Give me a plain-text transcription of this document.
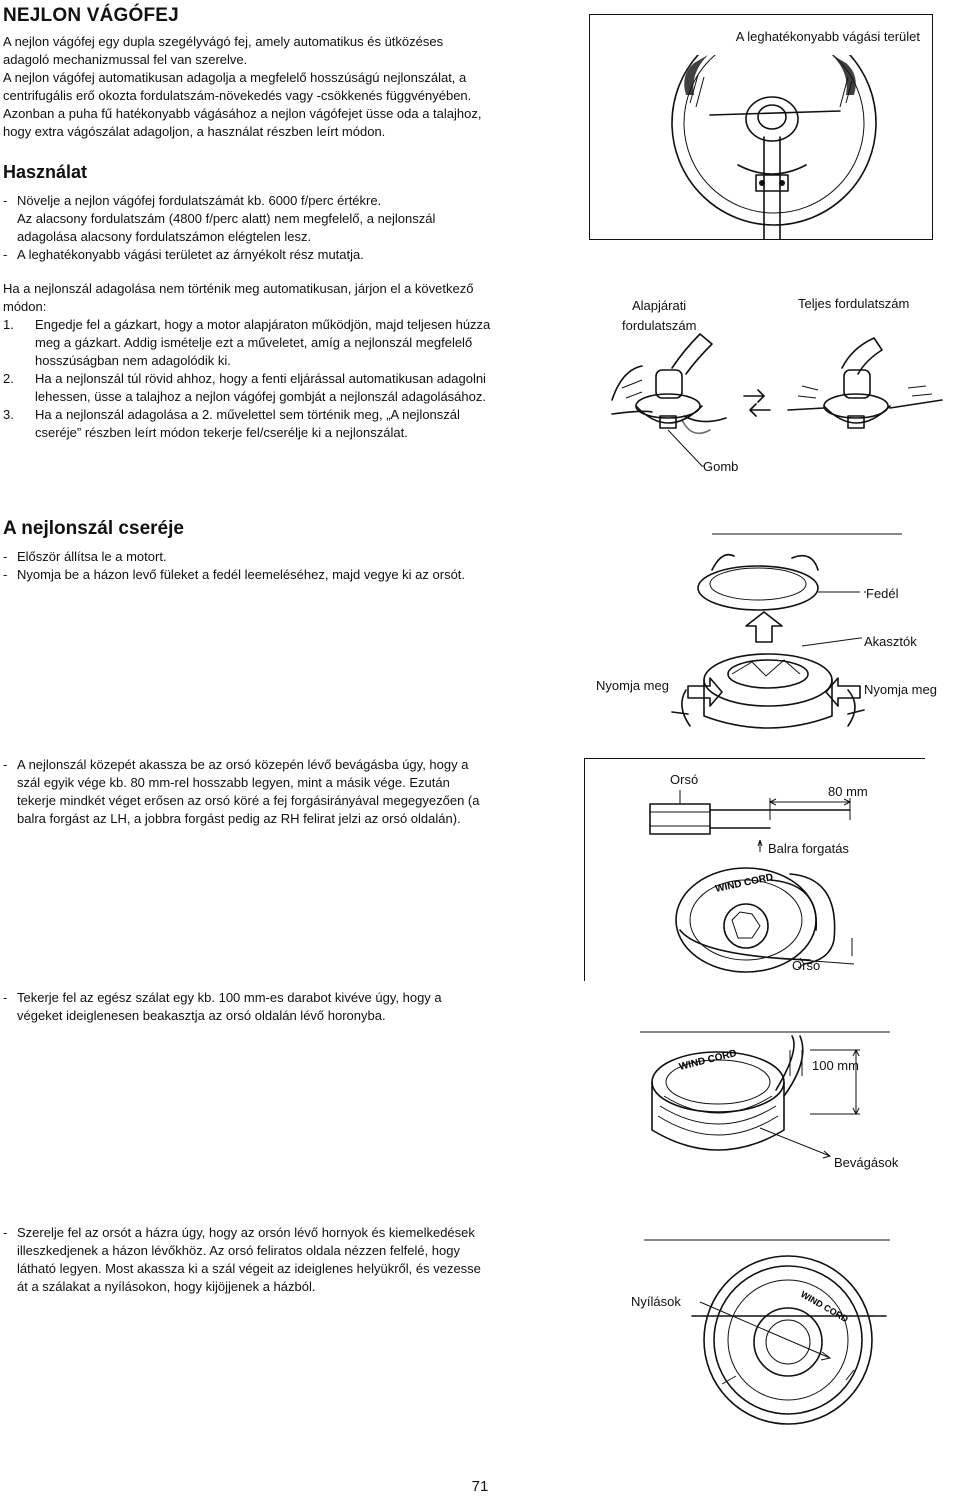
NEJLON VÁGÓFEJ

A nejlon vágófej egy dupla szegélyvágó fej, amely automatikus és ütközéses

adagoló mechanizmussal fel van szerelve.

A nejlon vágófej automatikusan adagolja a megfelelő hosszúságú nejlonszálat, a

centrifugális erő okozta fordulatszám-növekedés vagy -csökkenés függvényében.

Azonban a puha fű hatékonyabb vágásához a nejlon vágófejet üsse oda a talajhoz,

hogy extra vágószálat adagoljon, a használat részben leírt módon.

A leghatékonyabb vágási terület
Használat
- Növelje a nejlon vágófej fordulatszámát kb. 6000 f/perc értékre.
Az alacsony fordulatszám (4800 f/perc alatt) nem megfelelő, a nejlonszál
adagolása alacsony fordulatszámon elégtelen lesz.
- A leghatékonyabb vágási területet az árnyékolt rész mutatja.

Ha a nejlonszál adagolása nem történik meg automatikusan, járjon el a következő

módon:

1.	Engedje fel a gázkart, hogy a motor alapjáraton működjön, majd teljesen húzza
meg a gázkart. Addig ismételje ezt a műveletet, amíg a nejlonszál megfelelő
hosszúságban nem adagolódik ki.
2.	Ha a nejlonszál túl rövid ahhoz, hogy a fenti eljárással automatikusan adagolni
lehessen, üsse a talajhoz a nejlon vágófej gombját a nejlonszál adagolásához.
3.	Ha a nejlonszál adagolása a 2. művelettel sem történik meg, „A nejlonszál
cseréje” részben leírt módon tekerje fel/cserélje ki a nejlonszálat.
Alapjárati
fordulatszám
Teljes fordulatszám
Gomb
A nejlonszál cseréje
- Először állítsa le a motort.
- Nyomja be a házon levő füleket a fedél leemeléséhez, majd vegye ki az orsót.
Fedél
Akasztók
Nyomja meg	Nyomja meg
- A nejlonszál közepét akassza be az orsó közepén lévő bevágásba úgy, hogy a
szál egyik vége kb. 80 mm-rel hosszabb legyen, mint a másik vége. Ezután
tekerje mindkét véget erősen az orsó köré a fej forgásirányával megegyezően (a
balra forgást az LH, a jobbra forgást pedig az RH felirat jelzi az orsó oldalán).
Orsó
80 mm
Balra forgatás
Orsó
WIND CORD
- Tekerje fel az egész szálat egy kb. 100 mm-es darabot kivéve úgy, hogy a
végeket ideiglenesen beakasztja az orsó oldalán lévő horonyba.
100 mm
Bevágások
WIND CORD
- Szerelje fel az orsót a házra úgy, hogy az orsón lévő hornyok és kiemelkedések
illeszkedjenek a házon lévőkhöz. Az orsó feliratos oldala nézzen felfelé, hogy
látható legyen. Most akassza ki a szál végeit az ideiglenes helyükről, és vezesse
át a szálakat a nyílásokon, hogy kijöjjenek a házból.
Nyílások	WIND CORD
71
